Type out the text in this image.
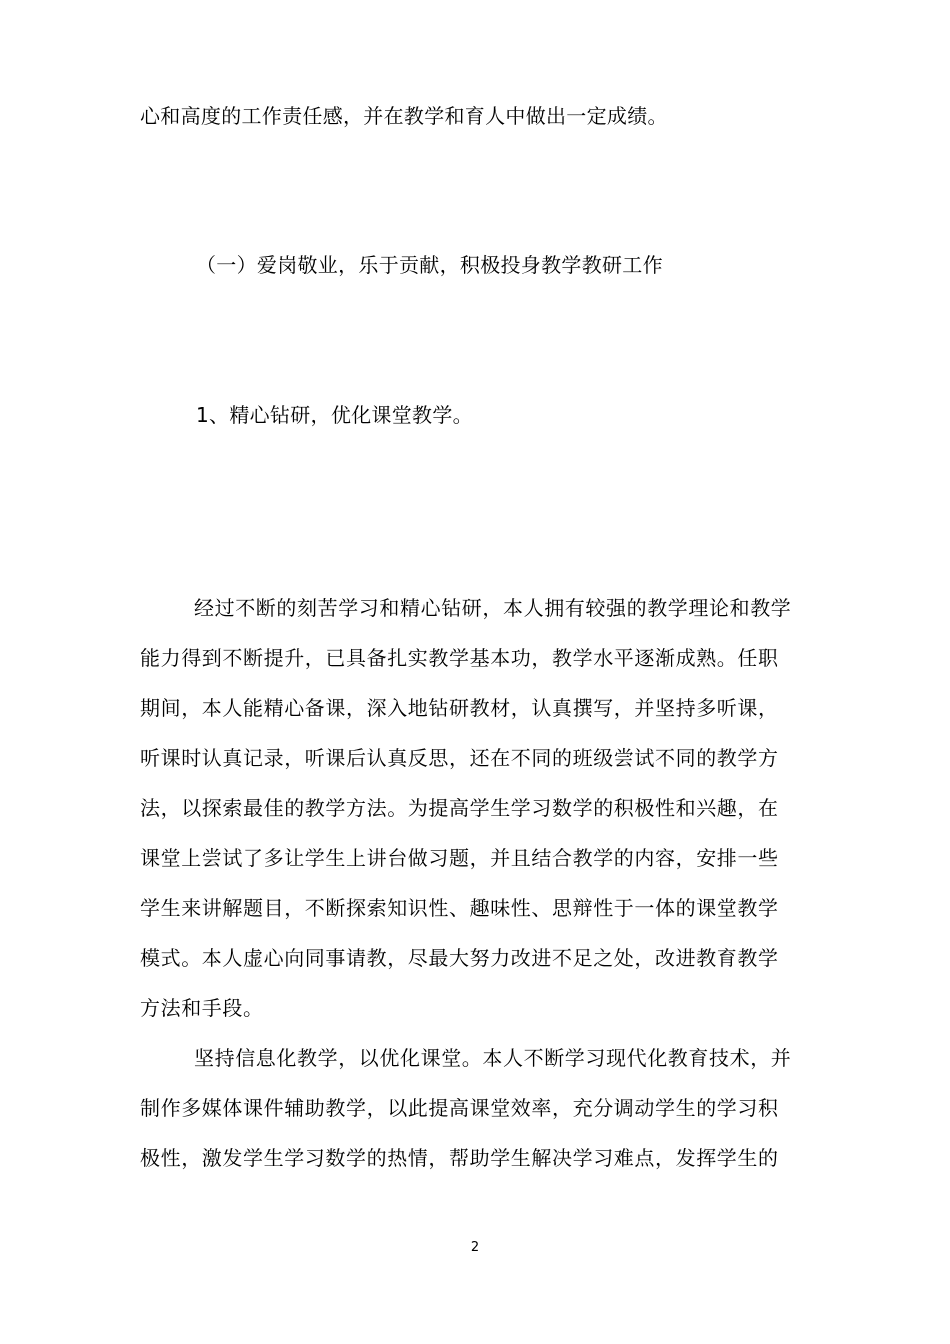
心和高度的工作责任感，并在教学和育人中做出一定成绩。
（一）爱岗敬业，乐于贡献，积极投身教学教研工作
1、精心钻研，优化课堂教学。
经过不断的刻苦学习和精心钻研，本人拥有较强的教学理论和教学
能力得到不断提升，已具备扎实教学基本功，教学水平逐渐成熟。任职
期间，本人能精心备课，深入地钻研教材，认真撰写，并坚持多听课，
听课时认真记录，听课后认真反思，还在不同的班级尝试不同的教学方
法，以探索最佳的教学方法。为提高学生学习数学的积极性和兴趣，在
课堂上尝试了多让学生上讲台做习题，并且结合教学的内容，安排一些
学生来讲解题目，不断探索知识性、趣味性、思辩性于一体的课堂教学
模式。本人虚心向同事请教，尽最大努力改进不足之处，改进教育教学
方法和手段。
坚持信息化教学，以优化课堂。本人不断学习现代化教育技术，并
制作多媒体课件辅助教学，以此提高课堂效率，充分调动学生的学习积
极性，激发学生学习数学的热情，帮助学生解决学习难点，发挥学生的
2
